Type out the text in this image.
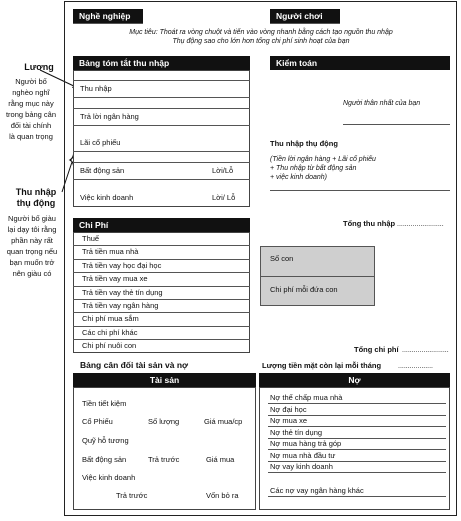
Lương
Người bố
nghèo nghĩ
rằng mục này
trong bảng cân
đối tài chính
là quan trọng
Thu nhập
thụ động
Người bố giàu
lại dạy tôi rằng
phần này rất
quan trọng nếu
bạn muốn trở
nên giàu có
Nghề nghiệp	Người chơi
Mục tiêu: Thoát ra vòng chuột và tiến vào vòng nhanh bằng cách tạo nguồn thu nhập
Thụ động sao cho lớn hơn tổng chi phí sinh hoạt của bạn
Bảng tóm tắt thu nhập
Thu nhập
Trả lời ngân hàng
Lãi cổ phiếu
Bất động sản	Lời/Lỗ
Việc kinh doanh	Lời/ Lỗ
Kiểm toán
Người thân nhất của bạn
Thu nhập thụ động
(Tiền lời ngân hàng + Lãi cổ phiếu
+ Thu nhập từ bất động sản
+ việc kinh doanh)
Tổng thu nhập ........................
Chi Phí
Thuế
Trả tiền mua nhà
Trả tiền vay học đại học
Trả tiền vay mua xe
Trả tiền vay thẻ tín dụng
Trả tiền vay ngân hàng
Chi phí mua sắm
Các chi phí khác
Chi phí nuôi con
Số con
Chi phí mỗi đứa con
Tổng chi phí ........................
Lượng tiền mặt còn lại mỗi tháng ..................
Bảng cân đối tài sản và nợ
Tài sản	Nợ
Tiền tiết kiệm
Cổ Phiếu	Số lượng	Giá mua/cp
Quỹ hỗ tương
Bất động sản	Trả trước	Giá mua
Việc kinh doanh
Trả trước	Vốn bỏ ra
Nợ thế chấp mua nhà
Nợ đại học
Nợ mua xe
Nợ thẻ tín dụng
Nợ mua hàng trả góp
Nợ mua nhà đầu tư
Nợ vay kinh doanh
Các nợ vay ngân hàng khác
